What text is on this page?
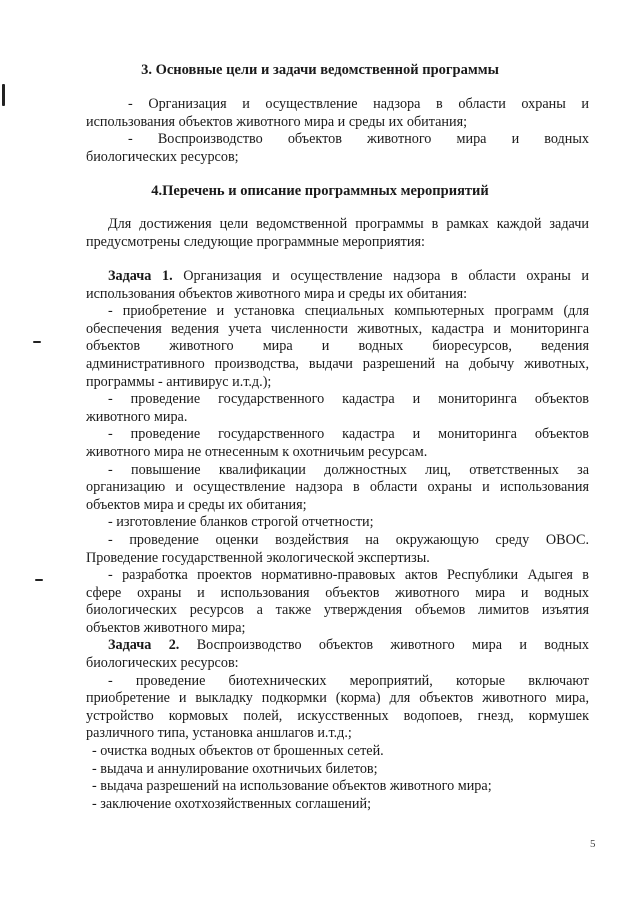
3. Основные цели и задачи ведомственной программы
- Организация и осуществление надзора в области охраны и
использования объектов животного мира и среды их обитания;
- Воспроизводство объектов животного мира и водных
биологических ресурсов;
4.Перечень и описание программных мероприятий
Для достижения цели ведомственной программы в рамках каждой задачи
предусмотрены следующие программные мероприятия:
Задача 1. Организация и осуществление надзора в области охраны и
использования объектов животного мира и среды их обитания:
- приобретение и установка специальных компьютерных программ (для
обеспечения ведения учета численности животных, кадастра и мониторинга
объектов животного мира и водных биоресурсов, ведения
административного производства, выдачи разрешений на добычу животных,
программы - антивирус и.т.д.);
- проведение государственного кадастра и мониторинга объектов
животного мира.
- проведение государственного кадастра и мониторинга объектов
животного мира не отнесенным к охотничьим ресурсам.
- повышение квалификации должностных лиц, ответственных за
организацию и осуществление надзора в области охраны и использования
объектов мира и среды их обитания;
- изготовление бланков строгой отчетности;
- проведение оценки воздействия на окружающую среду ОВОС.
Проведение государственной экологической экспертизы.
- разработка проектов нормативно-правовых актов Республики Адыгея в
сфере охраны и использования объектов животного мира и водных
биологических ресурсов а также утверждения объемов лимитов изъятия
объектов животного мира;
Задача 2. Воспроизводство объектов животного мира и водных
биологических ресурсов:
- проведение биотехнических мероприятий, которые включают
приобретение и выкладку подкормки (корма) для объектов животного мира,
устройство кормовых полей, искусственных водопоев, гнезд, кормушек
различного типа, установка аншлагов и.т.д.;
- очистка водных объектов от брошенных сетей.
- выдача и аннулирование охотничьих билетов;
- выдача разрешений на использование объектов животного мира;
- заключение охотхозяйственных соглашений;
5
